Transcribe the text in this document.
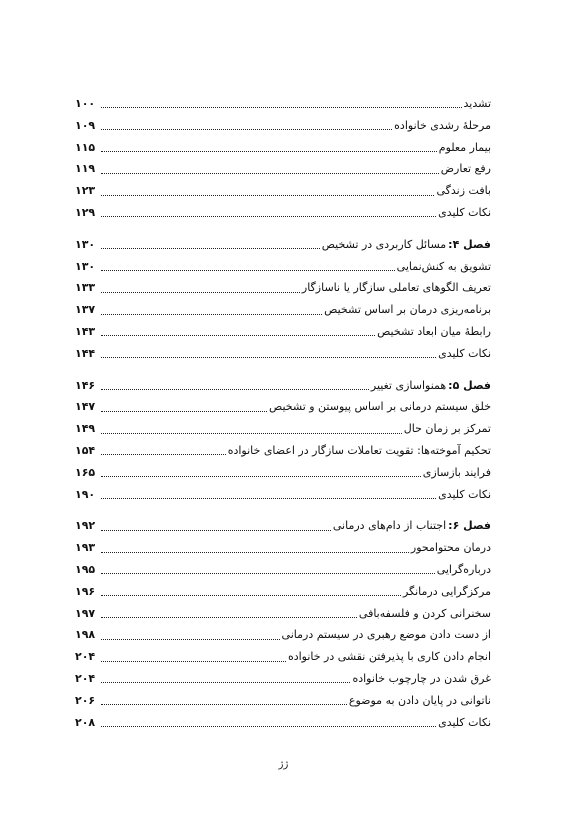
تشدید
۱۰۰
مرحلهٔ رشدی خانواده
۱۰۹
بیمار معلوم
۱۱۵
رفع تعارض
۱۱۹
بافت زندگی
۱۲۳
نکات کلیدی
۱۲۹
فصل ۴:مسائل کاربردی در تشخیص
۱۳۰
تشویق به کنش‌نمایی
۱۳۰
تعریف الگوهای تعاملی سازگار یا ناسازگار
۱۳۳
برنامه‌ریزی درمان بر اساس تشخیص
۱۳۷
رابطهٔ میان ابعاد تشخیص
۱۴۳
نکات کلیدی
۱۴۴
فصل ۵:همنواسازی تغییر
۱۴۶
خلق سیستم درمانی بر اساس پیوستن و تشخیص
۱۴۷
تمرکز بر زمان حال
۱۴۹
تحکیم آموخته‌ها: تقویت تعاملات سازگار در اعضای خانواده
۱۵۴
فرایند بازسازی
۱۶۵
نکات کلیدی
۱۹۰
فصل ۶:اجتناب از دام‌های درمانی
۱۹۲
درمان محتوامحور
۱۹۳
درباره‌گرایی
۱۹۵
مرکزگرایی درمانگر
۱۹۶
سخنرانی کردن و فلسفه‌بافی
۱۹۷
از دست دادن موضع رهبری در سیستم درمانی
۱۹۸
انجام دادن کاری با پذیرفتن نقشی در خانواده
۲۰۴
غرق شدن در چارچوب خانواده
۲۰۴
ناتوانی در پایان دادن به موضوع
۲۰۶
نکات کلیدی
۲۰۸
ژ‌ژ
